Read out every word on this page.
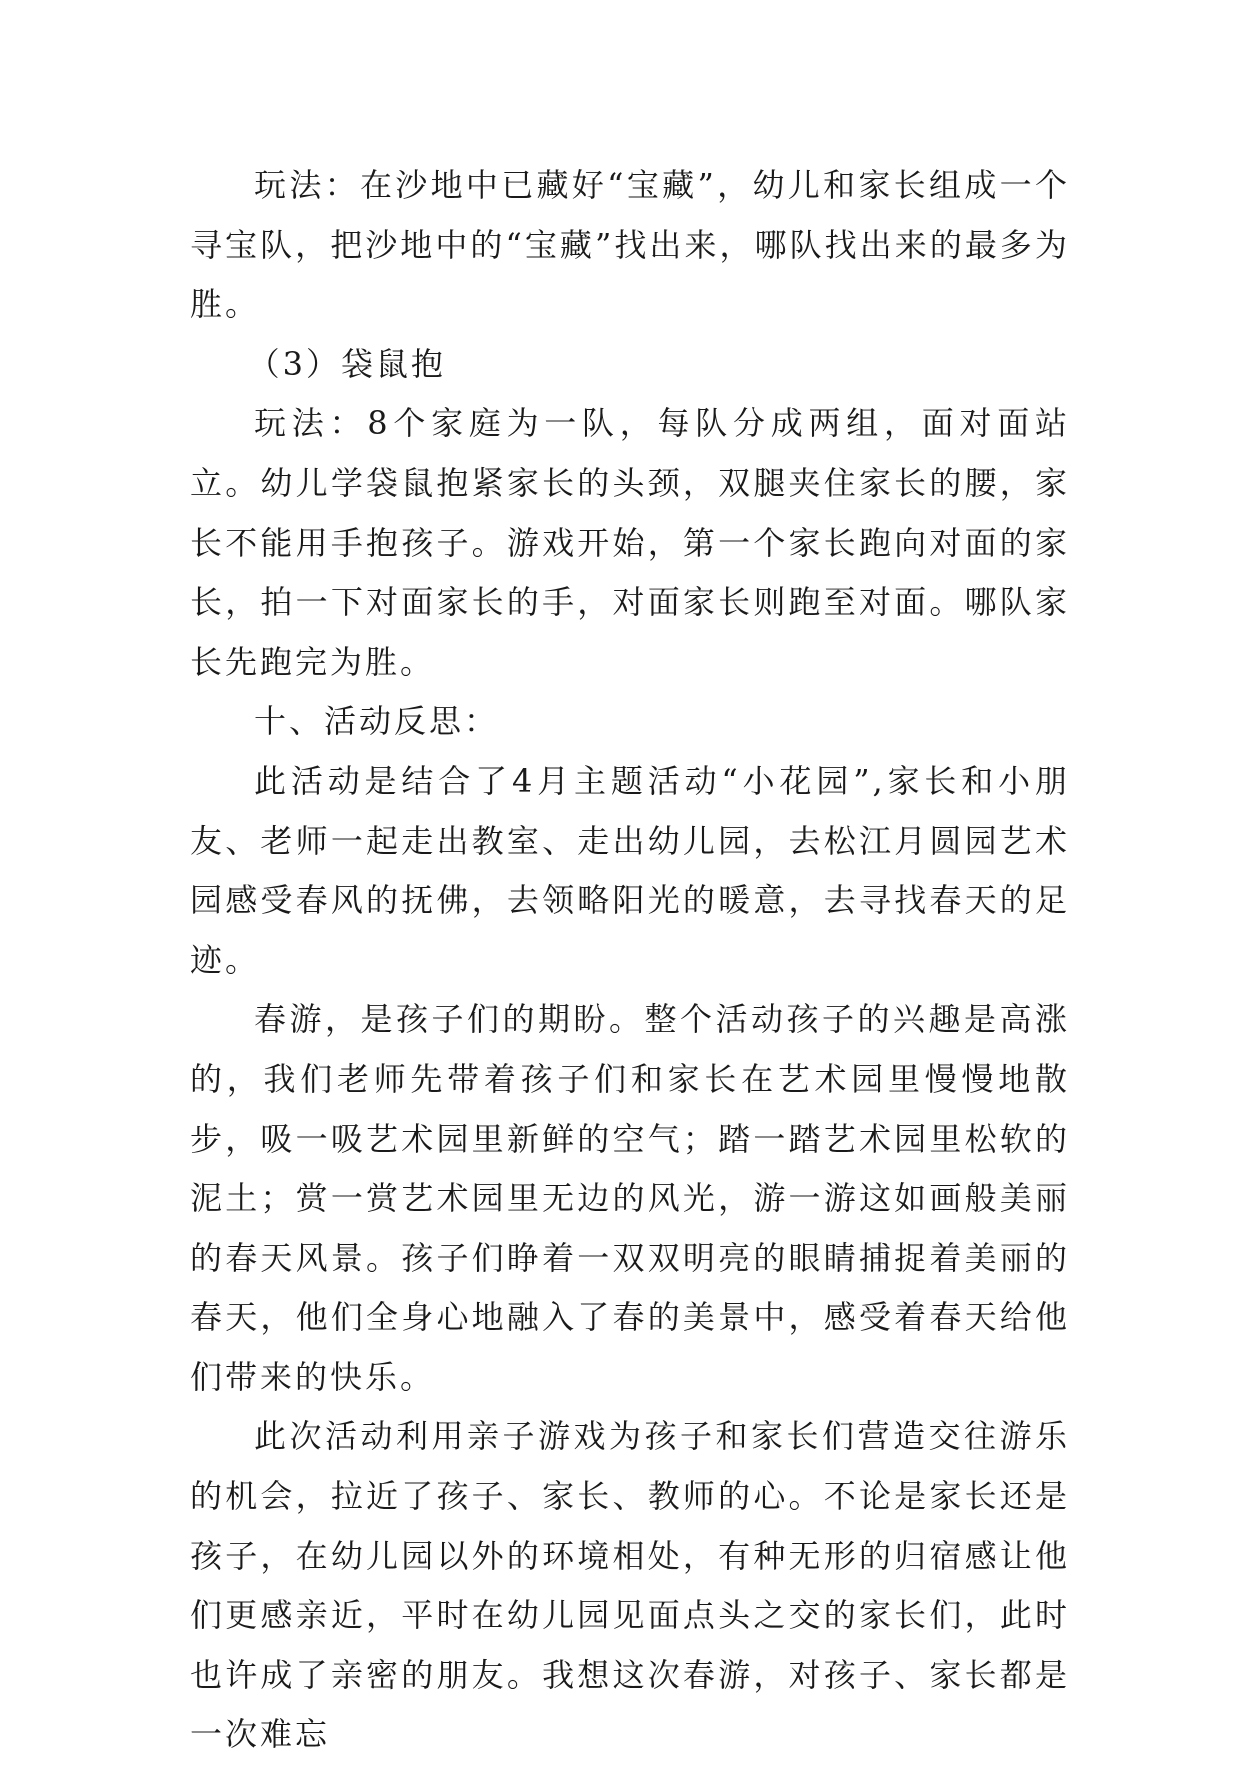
玩法：在沙地中已藏好“宝藏”，幼儿和家长组成一个寻宝队，把沙地中的“宝藏”找出来，哪队找出来的最多为胜。

（3）袋鼠抱

玩法：8个家庭为一队，每队分成两组，面对面站立。幼儿学袋鼠抱紧家长的头颈，双腿夹住家长的腰，家长不能用手抱孩子。游戏开始，第一个家长跑向对面的家长，拍一下对面家长的手，对面家长则跑至对面。哪队家长先跑完为胜。

十、活动反思：

此活动是结合了4月主题活动“小花园”,家长和小朋友、老师一起走出教室、走出幼儿园，去松江月圆园艺术园感受春风的抚佛，去领略阳光的暖意，去寻找春天的足迹。

春游，是孩子们的期盼。整个活动孩子的兴趣是高涨的，我们老师先带着孩子们和家长在艺术园里慢慢地散步，吸一吸艺术园里新鲜的空气；踏一踏艺术园里松软的泥土；赏一赏艺术园里无边的风光，游一游这如画般美丽的春天风景。孩子们睁着一双双明亮的眼睛捕捉着美丽的春天，他们全身心地融入了春的美景中，感受着春天给他们带来的快乐。

此次活动利用亲子游戏为孩子和家长们营造交往游乐的机会，拉近了孩子、家长、教师的心。不论是家长还是孩子，在幼儿园以外的环境相处，有种无形的归宿感让他们更感亲近，平时在幼儿园见面点头之交的家长们，此时也许成了亲密的朋友。我想这次春游，对孩子、家长都是一次难忘
